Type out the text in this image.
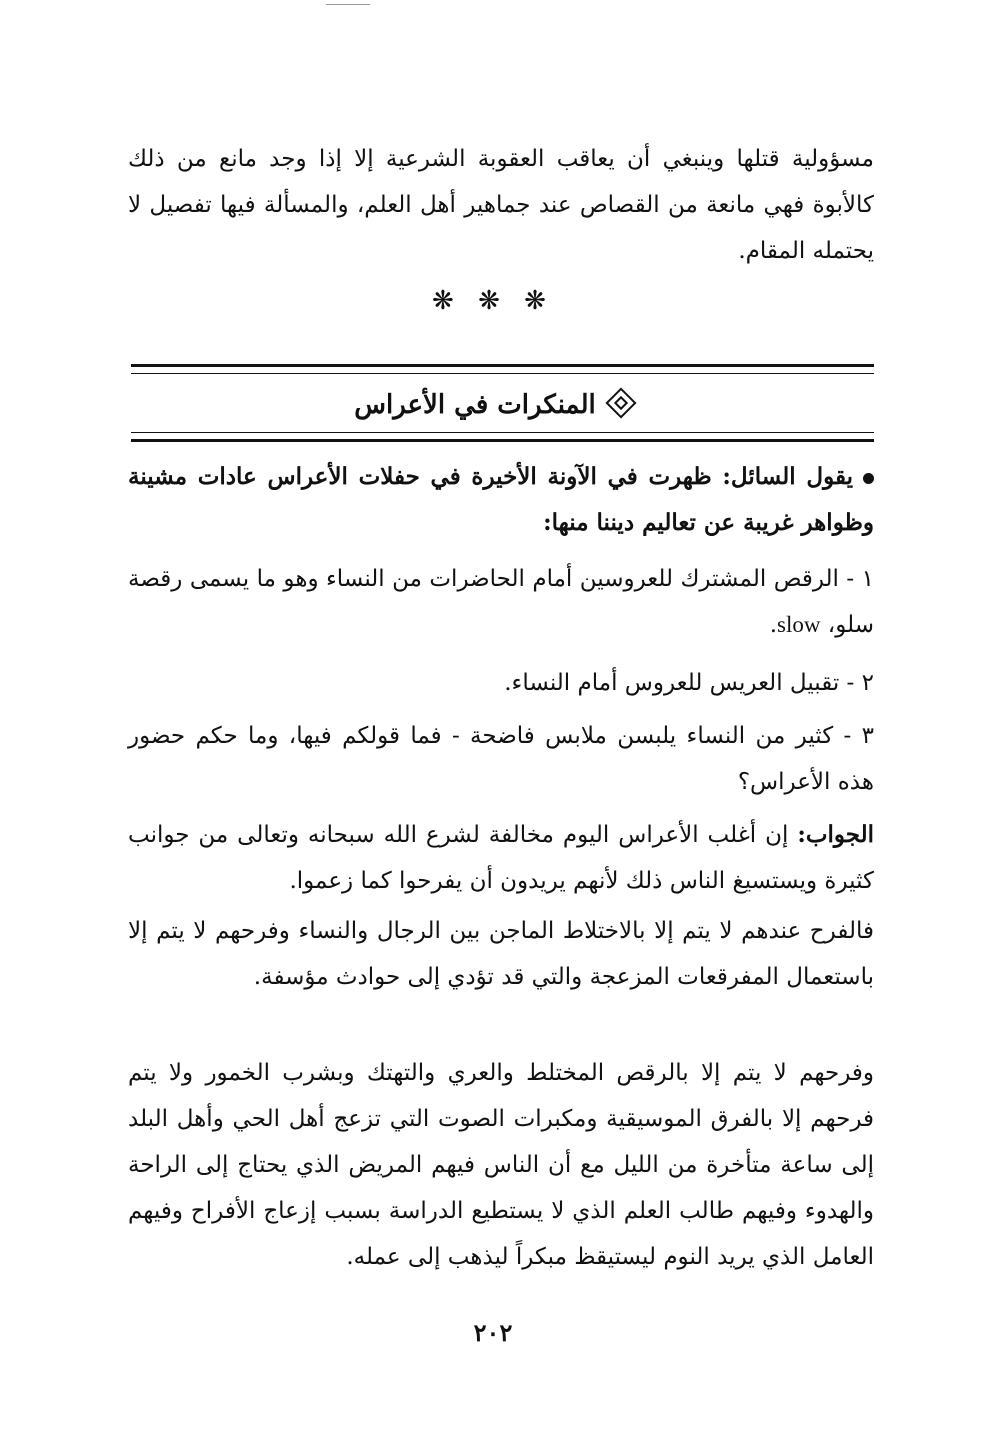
مسؤولية قتلها وينبغي أن يعاقب العقوبة الشرعية إلا إذا وجد مانع من ذلك كالأبوة فهي مانعة من القصاص عند جماهير أهل العلم، والمسألة فيها تفصيل لا يحتمله المقام.

❋ ❋ ❋
المنكرات في الأعراس

يقول السائل: ظهرت في الآونة الأخيرة في حفلات الأعراس عادات مشينة وظواهر غريبة عن تعاليم ديننا منها:

١ - الرقص المشترك للعروسين أمام الحاضرات من النساء وهو ما يسمى رقصة سلو، slow.

٢ - تقبيل العريس للعروس أمام النساء.

٣ - كثير من النساء يلبسن ملابس فاضحة - فما قولكم فيها، وما حكم حضور هذه الأعراس؟

الجواب: إن أغلب الأعراس اليوم مخالفة لشرع الله سبحانه وتعالى من جوانب كثيرة ويستسيغ الناس ذلك لأنهم يريدون أن يفرحوا كما زعموا.

فالفرح عندهم لا يتم إلا بالاختلاط الماجن بين الرجال والنساء وفرحهم لا يتم إلا باستعمال المفرقعات المزعجة والتي قد تؤدي إلى حوادث مؤسفة.

وفرحهم لا يتم إلا بالرقص المختلط والعري والتهتك وبشرب الخمور ولا يتم فرحهم إلا بالفرق الموسيقية ومكبرات الصوت التي تزعج أهل الحي وأهل البلد إلى ساعة متأخرة من الليل مع أن الناس فيهم المريض الذي يحتاج إلى الراحة والهدوء وفيهم طالب العلم الذي لا يستطيع الدراسة بسبب إزعاج الأفراح وفيهم العامل الذي يريد النوم ليستيقظ مبكراً ليذهب إلى عمله.

٢٠٢
